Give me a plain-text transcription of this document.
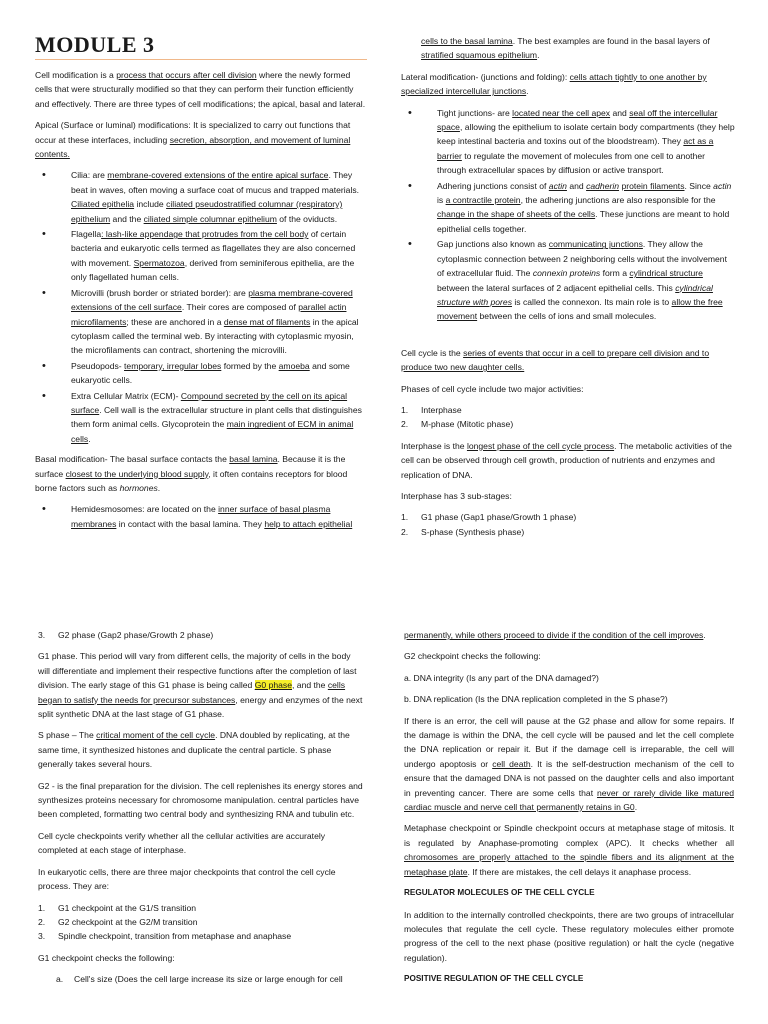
MODULE 3

Cell modification is a process that occurs after cell division where the newly formed cells that were structurally modified so that they can perform their function efficiently and effectively. There are three types of cell modifications; the apical, basal and lateral.

Apical (Surface or luminal) modifications: It is specialized to carry out functions that occur at these interfaces, including secretion, absorption, and movement of luminal contents.

• Cilia: are membrane-covered extensions of the entire apical surface. They beat in waves, often moving a surface coat of mucus and trapped materials. Ciliated epithelia include ciliated pseudostratified columnar (respiratory) epithelium and the ciliated simple columnar epithelium of the oviducts.
• Flagella: lash-like appendage that protrudes from the cell body of certain bacteria and eukaryotic cells termed as flagellates they are also concerned with movement. Spermatozoa, derived from seminiferous epithelia, are the only flagellated human cells.
• Microvilli (brush border or striated border): are plasma membrane-covered extensions of the cell surface. Their cores are composed of parallel actin microfilaments; these are anchored in a dense mat of filaments in the apical cytoplasm called the terminal web. By interacting with cytoplasmic myosin, the microfilaments can contract, shortening the microvilli.
• Pseudopods- temporary, irregular lobes formed by the amoeba and some eukaryotic cells.
• Extra Cellular Matrix (ECM)- Compound secreted by the cell on its apical surface. Cell wall is the extracellular structure in plant cells that distinguishes them form animal cells. Glycoprotein the main ingredient of ECM in animal cells.

Basal modification- The basal surface contacts the basal lamina. Because it is the surface closest to the underlying blood supply, it often contains receptors for blood borne factors such as hormones.

• Hemidesmosomes: are located on the inner surface of basal plasma membranes in contact with the basal lamina. They help to attach epithelial

cells to the basal lamina. The best examples are found in the basal layers of stratified squamous epithelium.

Lateral modification- (junctions and folding): cells attach tightly to one another by specialized intercellular junctions.

• Tight junctions- are located near the cell apex and seal off the intercellular space, allowing the epithelium to isolate certain body compartments (they help keep intestinal bacteria and toxins out of the bloodstream). They act as a barrier to regulate the movement of molecules from one cell to another through extracellular spaces by diffusion or active transport.
• Adhering junctions consist of actin and cadherin protein filaments. Since actin is a contractile protein, the adhering junctions are also responsible for the change in the shape of sheets of the cells. These junctions are meant to hold epithelial cells together.
• Gap junctions also known as communicating junctions. They allow the cytoplasmic connection between 2 neighboring cells without the involvement of extracellular fluid. The connexin proteins form a cylindrical structure between the lateral surfaces of 2 adjacent epithelial cells. This cylindrical structure with pores is called the connexon. Its main role is to allow the free movement between the cells of ions and small molecules.

Cell cycle is the series of events that occur in a cell to prepare cell division and to produce two new daughter cells.

Phases of cell cycle include two major activities:

1.	Interphase
2.	M-phase (Mitotic phase)

Interphase is the longest phase of the cell cycle process. The metabolic activities of the cell can be observed through cell growth, production of nutrients and enzymes and replication of DNA.

Interphase has 3 sub-stages:

1.	G1 phase (Gap1 phase/Growth 1 phase)
2.	S-phase (Synthesis phase)
3.	G2 phase (Gap2 phase/Growth 2 phase)

G1 phase. This period will vary from different cells, the majority of cells in the body will differentiate and implement their respective functions after the completion of last division. The early stage of this G1 phase is being called G0 phase, and the cells began to satisfy the needs for precursor substances, energy and enzymes of the next split synthetic DNA at the last stage of G1 phase.

S phase – The critical moment of the cell cycle. DNA doubled by replicating, at the same time, it synthesized histones and duplicate the central particle. S phase generally takes several hours.

G2 - is the final preparation for the division. The cell replenishes its energy stores and synthesizes proteins necessary for chromosome manipulation. central particles have been completed, formatting two central body and synthesizing RNA and tubulin etc.

Cell cycle checkpoints verify whether all the cellular activities are accurately completed at each stage of interphase.

In eukaryotic cells, there are three major checkpoints that control the cell cycle process. They are:

1.	G1 checkpoint at the G1/S transition
2.	G2 checkpoint at the G2/M transition
3.	Spindle checkpoint, transition from metaphase and anaphase

G1 checkpoint checks the following:

a.	Cell's size (Does the cell large increase its size or large enough for cell

permanently, while others proceed to divide if the condition of the cell improves.

G2 checkpoint checks the following:

a. DNA integrity (Is any part of the DNA damaged?)

b. DNA replication (Is the DNA replication completed in the S phase?)

If there is an error, the cell will pause at the G2 phase and allow for some repairs. If the damage is within the DNA, the cell cycle will be paused and let the cell complete the DNA replication or repair it. But if the damage cell is irreparable, the cell will undergo apoptosis or cell death. It is the self-destruction mechanism of the cell to ensure that the damaged DNA is not passed on the daughter cells and also important in preventing cancer. There are some cells that never or rarely divide like matured cardiac muscle and nerve cell that permanently retains in G0.

Metaphase checkpoint or Spindle checkpoint occurs at metaphase stage of mitosis. It is regulated by Anaphase-promoting complex (APC). It checks whether all chromosomes are properly attached to the spindle fibers and its alignment at the metaphase plate. If there are mistakes, the cell delays it anaphase process.

REGULATOR MOLECULES OF THE CELL CYCLE

In addition to the internally controlled checkpoints, there are two groups of intracellular molecules that regulate the cell cycle. These regulatory molecules either promote progress of the cell to the next phase (positive regulation) or halt the cycle (negative regulation).

POSITIVE REGULATION OF THE CELL CYCLE
